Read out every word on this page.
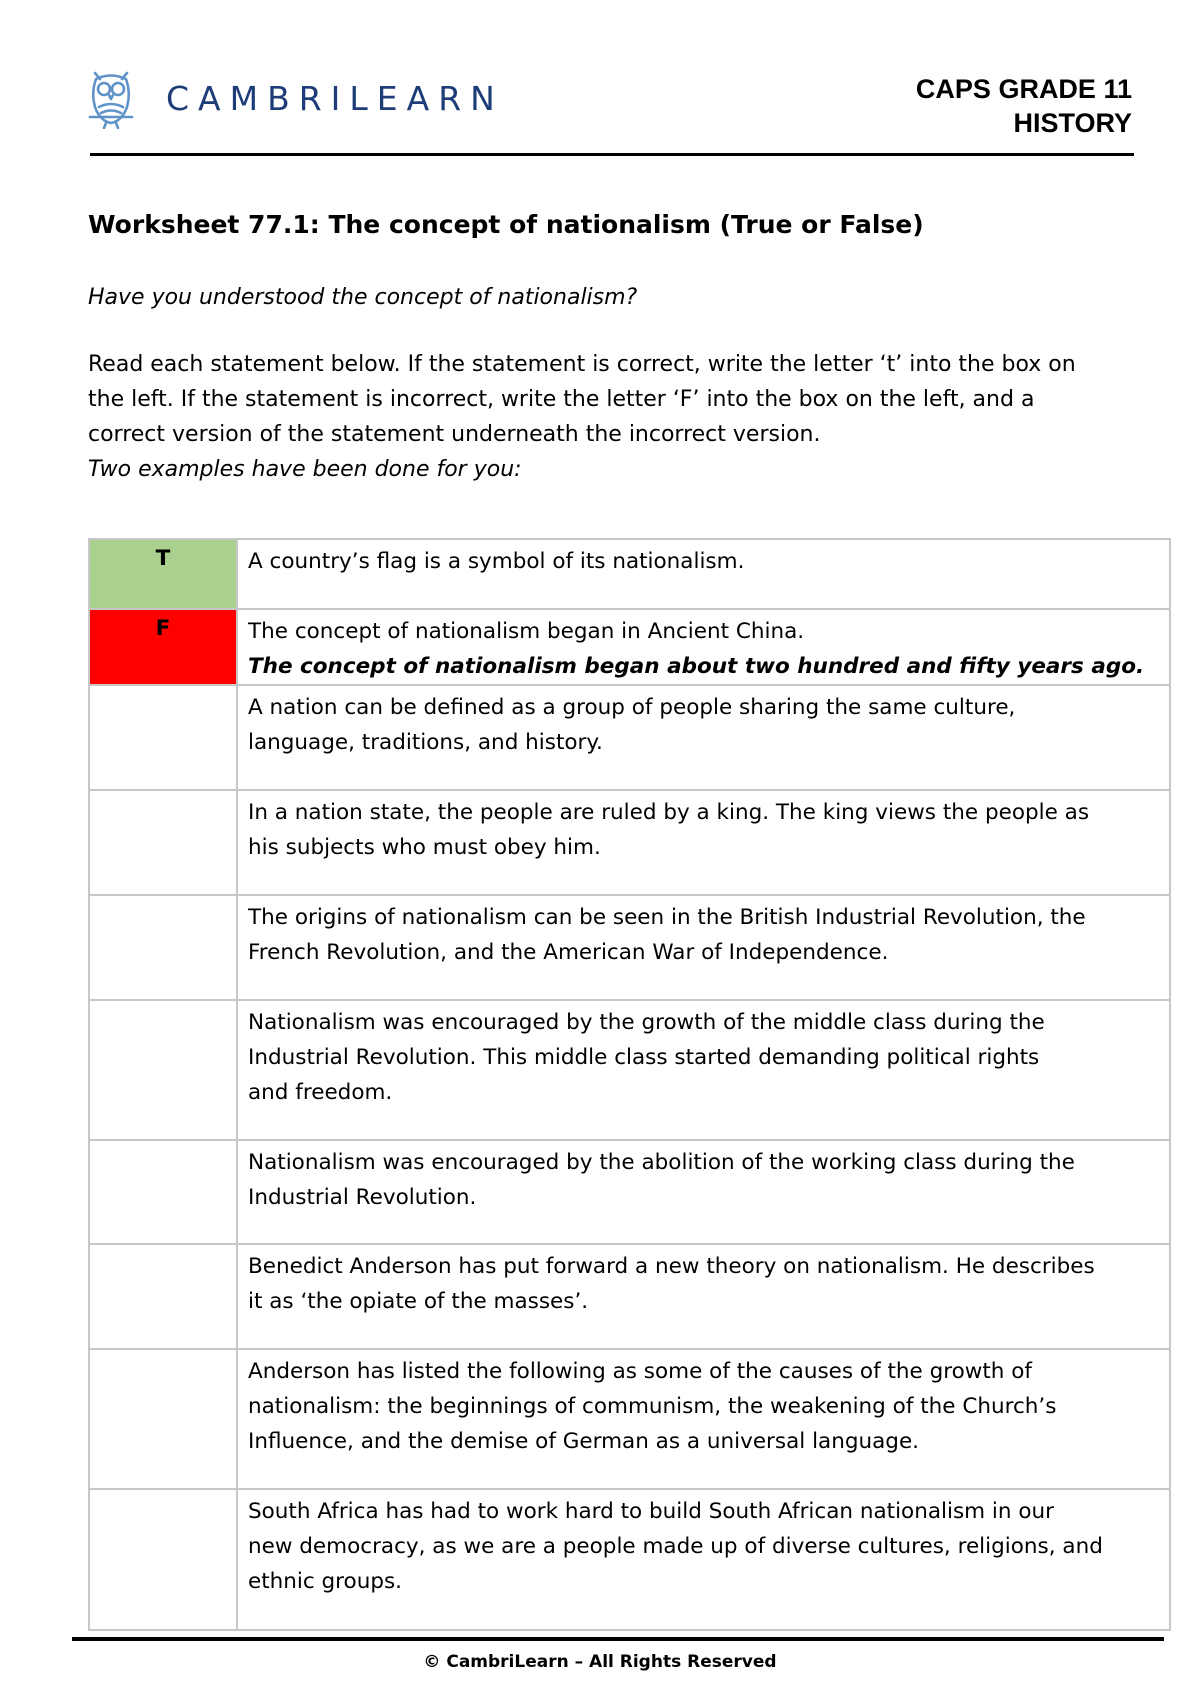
CAMBRILEARN	CAPS GRADE 11
HISTORY
Worksheet 77.1: The concept of nationalism (True or False)
Have you understood the concept of nationalism?
Read each statement below. If the statement is correct, write the letter ‘t’ into the box on
the left. If the statement is incorrect, write the letter ‘F’ into the box on the left, and a
correct version of the statement underneath the incorrect version.
Two examples have been done for you:
T	A country’s flag is a symbol of its nationalism.

F	The concept of nationalism began in Ancient China.
The concept of nationalism began about two hundred and fifty years ago.

	A nation can be defined as a group of people sharing the same culture,
language, traditions, and history.

	In a nation state, the people are ruled by a king. The king views the people as
his subjects who must obey him.

	The origins of nationalism can be seen in the British Industrial Revolution, the
French Revolution, and the American War of Independence.

	Nationalism was encouraged by the growth of the middle class during the
Industrial Revolution. This middle class started demanding political rights
and freedom.

	Nationalism was encouraged by the abolition of the working class during the
Industrial Revolution.

	Benedict Anderson has put forward a new theory on nationalism. He describes
it as ‘the opiate of the masses’.

	Anderson has listed the following as some of the causes of the growth of
nationalism: the beginnings of communism, the weakening of the Church’s
Influence, and the demise of German as a universal language.

	South Africa has had to work hard to build South African nationalism in our
new democracy, as we are a people made up of diverse cultures, religions, and
ethnic groups.
© CambriLearn – All Rights Reserved
